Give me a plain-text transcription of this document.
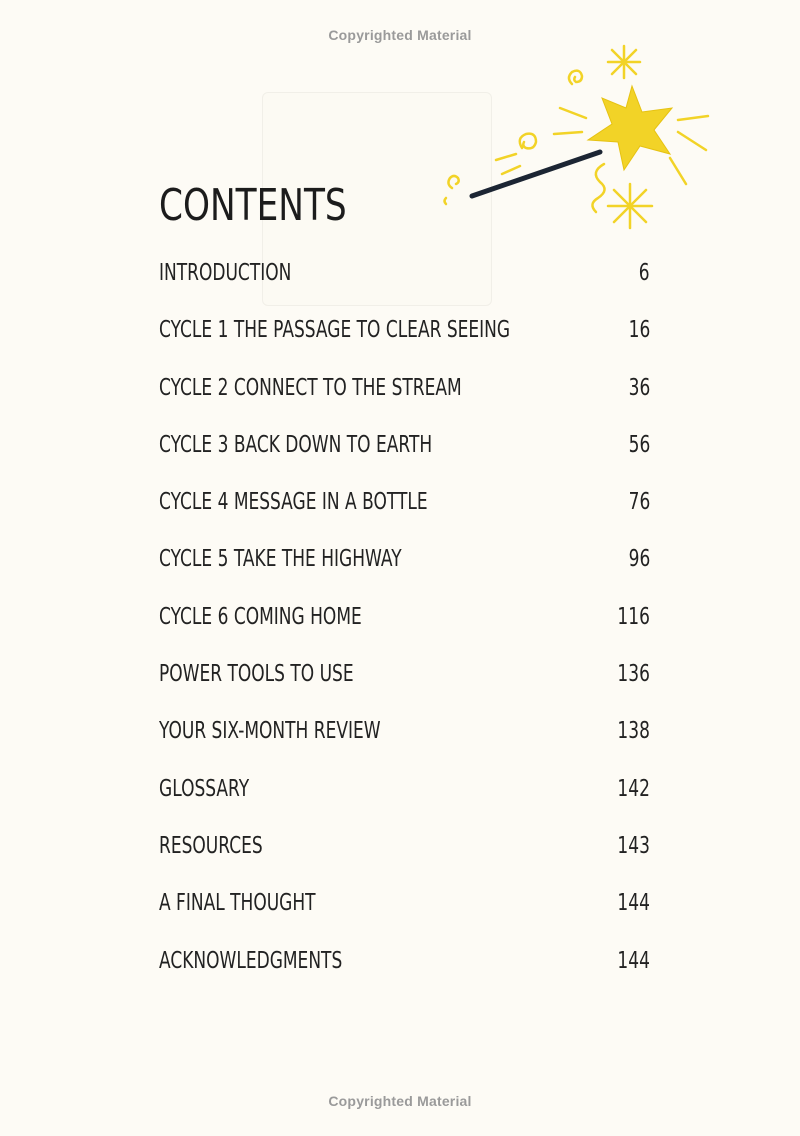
Copyrighted Material
CONTENTS
INTRODUCTION	6
CYCLE 1 THE PASSAGE TO CLEAR SEEING	16
CYCLE 2 CONNECT TO THE STREAM	36
CYCLE 3 BACK DOWN TO EARTH	56
CYCLE 4 MESSAGE IN A BOTTLE	76
CYCLE 5 TAKE THE HIGHWAY	96
CYCLE 6 COMING HOME	116
POWER TOOLS TO USE	136
YOUR SIX-MONTH REVIEW	138
GLOSSARY	142
RESOURCES	143
A FINAL THOUGHT	144
ACKNOWLEDGMENTS	144
Copyrighted Material
